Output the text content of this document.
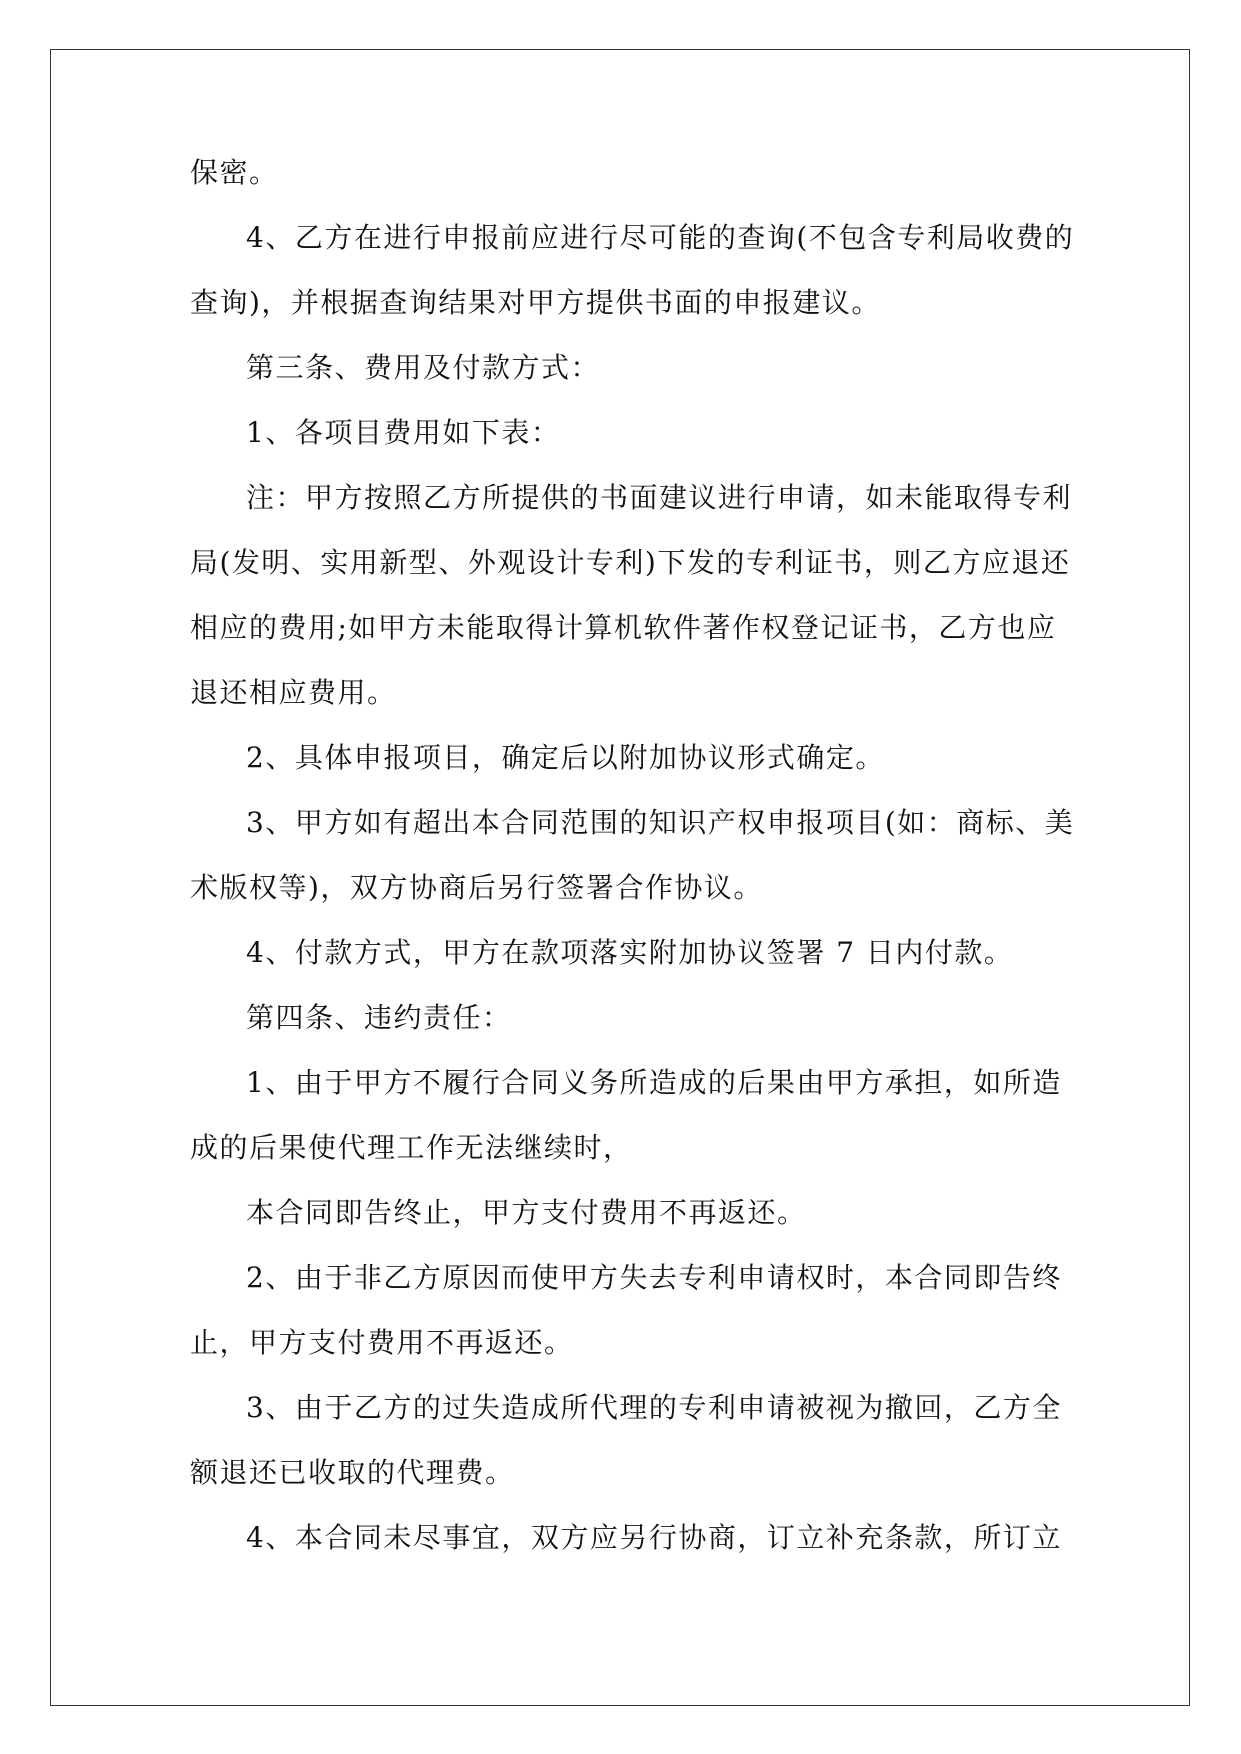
保密。
4、乙方在进行申报前应进行尽可能的查询(不包含专利局收费的
查询)，并根据查询结果对甲方提供书面的申报建议。
第三条、费用及付款方式：
1、各项目费用如下表：
注：甲方按照乙方所提供的书面建议进行申请，如未能取得专利
局(发明、实用新型、外观设计专利)下发的专利证书，则乙方应退还
相应的费用;如甲方未能取得计算机软件著作权登记证书，乙方也应
退还相应费用。
2、具体申报项目，确定后以附加协议形式确定。
3、甲方如有超出本合同范围的知识产权申报项目(如：商标、美
术版权等)，双方协商后另行签署合作协议。
4、付款方式，甲方在款项落实附加协议签署 7 日内付款。
第四条、违约责任：
1、由于甲方不履行合同义务所造成的后果由甲方承担，如所造
成的后果使代理工作无法继续时，
本合同即告终止，甲方支付费用不再返还。
2、由于非乙方原因而使甲方失去专利申请权时，本合同即告终
止，甲方支付费用不再返还。
3、由于乙方的过失造成所代理的专利申请被视为撤回，乙方全
额退还已收取的代理费。
4、本合同未尽事宜，双方应另行协商，订立补充条款，所订立
